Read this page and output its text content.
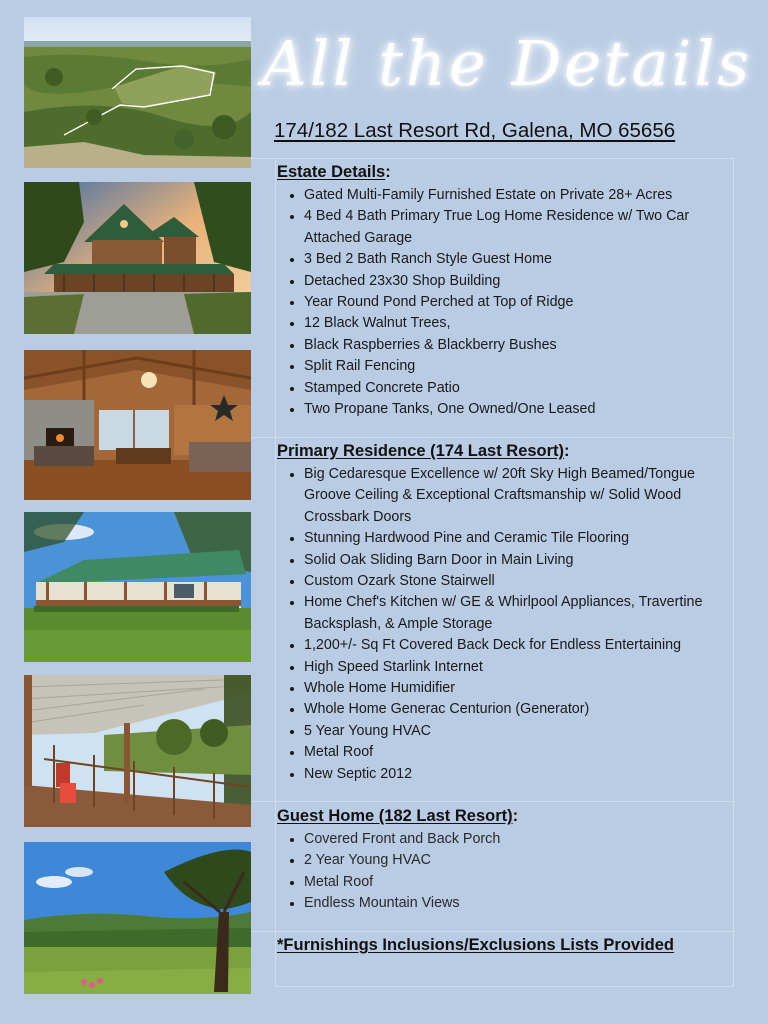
All the Details
174/182 Last Resort Rd, Galena, MO 65656
Estate Details:
Gated Multi-Family Furnished Estate on Private 28+ Acres
4 Bed 4 Bath Primary True Log Home Residence w/ Two Car Attached Garage
3 Bed 2 Bath Ranch Style Guest Home
Detached 23x30 Shop Building
Year Round Pond Perched at Top of Ridge
12 Black Walnut Trees,
Black Raspberries & Blackberry Bushes
Split Rail Fencing
Stamped Concrete Patio
Two Propane Tanks, One Owned/One Leased
Primary Residence (174 Last Resort):
Big Cedaresque Excellence w/ 20ft Sky High Beamed/Tongue Groove Ceiling & Exceptional Craftsmanship w/ Solid Wood Crossbark Doors
Stunning Hardwood Pine and Ceramic Tile Flooring
Solid Oak Sliding Barn Door in Main Living
Custom Ozark Stone Stairwell
Home Chef's Kitchen w/ GE & Whirlpool Appliances, Travertine Backsplash, & Ample Storage
1,200+/- Sq Ft Covered Back Deck for Endless Entertaining
High Speed Starlink Internet
Whole Home Humidifier
Whole Home Generac Centurion (Generator)
5 Year Young HVAC
Metal Roof
New Septic 2012
Guest Home (182 Last Resort):
Covered Front and Back Porch
2 Year Young HVAC
Metal Roof
Endless Mountain Views
*Furnishings Inclusions/Exclusions Lists Provided
